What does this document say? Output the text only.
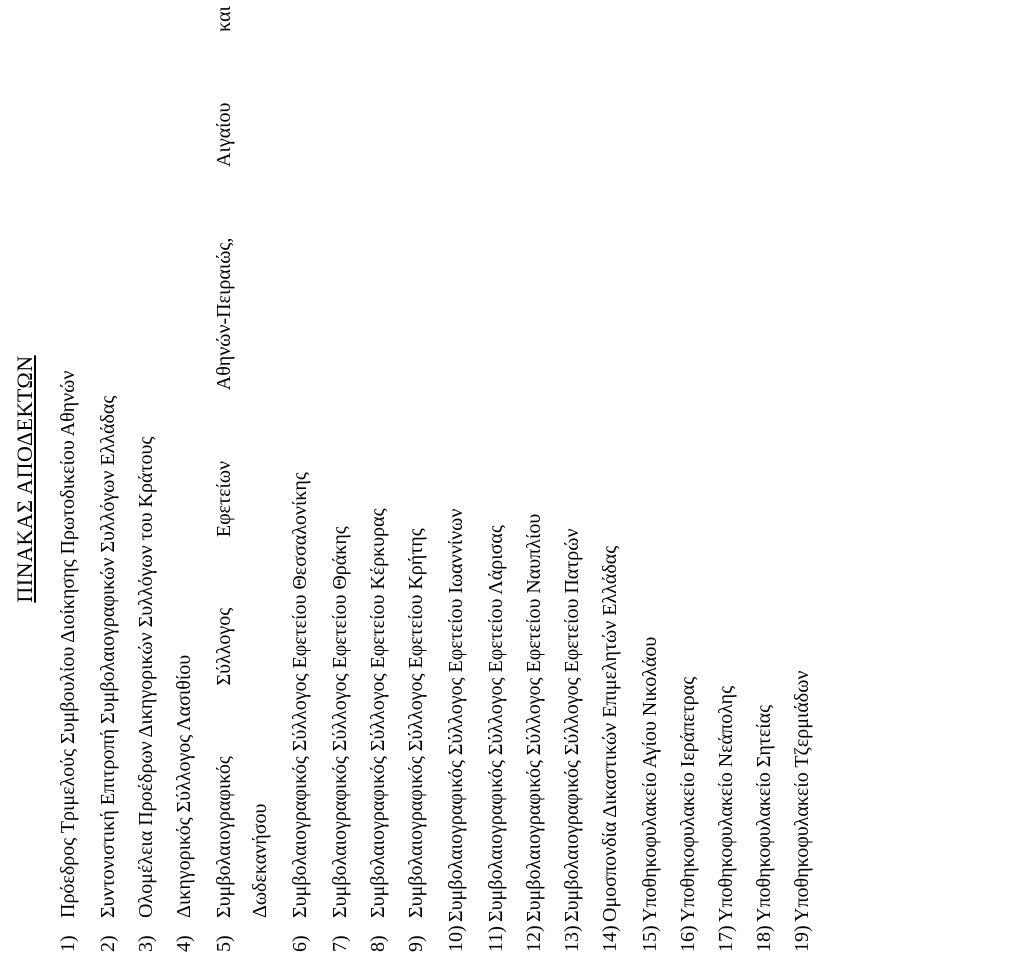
ΠΙΝΑΚΑΣ ΑΠΟΔΕΚΤΩΝ
1)
Πρόεδρος Τριμελούς Συμβουλίου Διοίκησης Πρωτοδικείου Αθηνών
2)
Συντονιστική Επιτροπή Συμβολαιογραφικών Συλλόγων Ελλάδας
3)
Ολομέλεια Προέδρων Δικηγορικών Συλλόγων του Κράτους
4)
Δικηγορικός Σύλλογος Λασιθίου
5)
Συμβολαιογραφικός
Σύλλογος
Εφετείων
Αθηνών-Πειραιώς,
Αιγαίου
και
Δωδεκανήσου
6)
Συμβολαιογραφικός Σύλλογος Εφετείου Θεσσαλονίκης
7)
Συμβολαιογραφικός Σύλλογος Εφετείου Θράκης
8)
Συμβολαιογραφικός Σύλλογος Εφετείου Κέρκυρας
9)
Συμβολαιογραφικός Σύλλογος Εφετείου Κρήτης
10)
Συμβολαιογραφικός Σύλλογος Εφετείου Ιωαννίνων
11)
Συμβολαιογραφικός Σύλλογος Εφετείου Λάρισας
12)
Συμβολαιογραφικός Σύλλογος Εφετείου Ναυπλίου
13)
Συμβολαιογραφικός Σύλλογος Εφετείου Πατρών
14)
Ομοσπονδία Δικαστικών Επιμελητών Ελλάδας
15)
Υποθηκοφυλακείο Αγίου Νικολάου
16)
Υποθηκοφυλακείο Ιεράπετρας
17)
Υποθηκοφυλακείο Νεάπολης
18)
Υποθηκοφυλακείο Σητείας
19)
Υποθηκοφυλακείο Τζερμιάδων
